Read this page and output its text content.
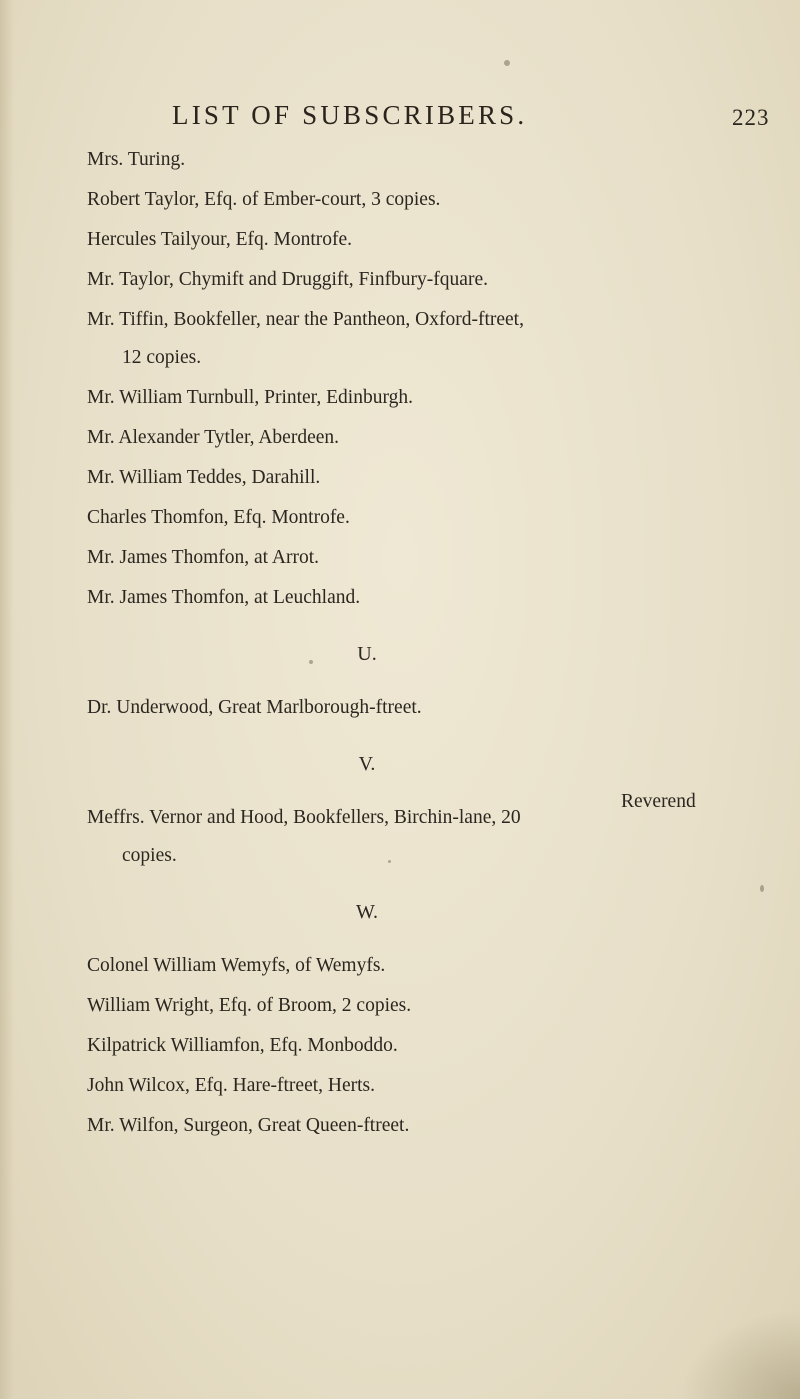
LIST OF SUBSCRIBERS.	223

Mrs. Turing.

Robert Taylor, Efq. of Ember-court, 3 copies.

Hercules Tailyour, Efq. Montrofe.

Mr. Taylor, Chymift and Druggift, Finfbury-fquare.

Mr. Tiffin, Bookfeller, near the Pantheon, Oxford-ftreet,
12 copies.

Mr. William Turnbull, Printer, Edinburgh.

Mr. Alexander Tytler, Aberdeen.

Mr. William Teddes, Darahill.

Charles Thomfon, Efq. Montrofe.

Mr. James Thomfon, at Arrot.

Mr. James Thomfon, at Leuchland.

U.

Dr. Underwood, Great Marlborough-ftreet.

V.

Meffrs. Vernor and Hood, Bookfellers, Birchin-lane, 20
copies.

W.

Colonel William Wemyfs, of Wemyfs.

William Wright, Efq. of Broom, 2 copies.

Kilpatrick Williamfon, Efq. Monboddo.

John Wilcox, Efq. Hare-ftreet, Herts.

Mr. Wilfon, Surgeon, Great Queen-ftreet.

Reverend
